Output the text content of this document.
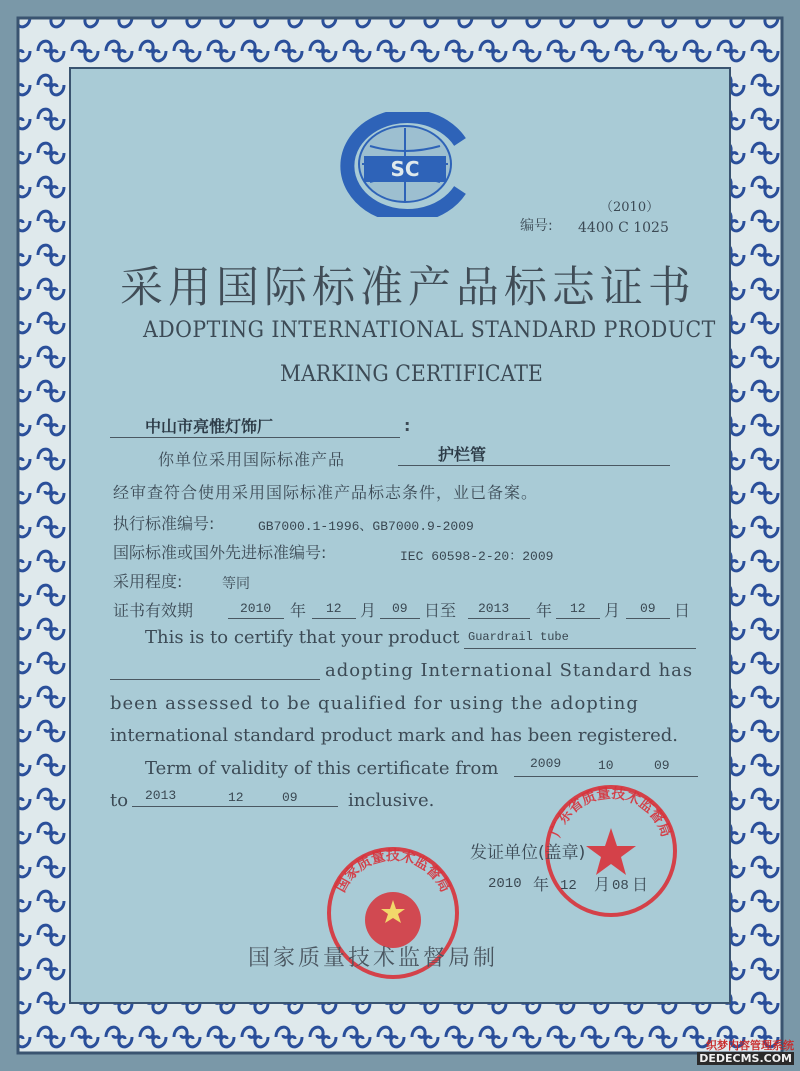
SC
（2010）
编号: 4400 C 1025
采用国际标准产品标志证书
ADOPTING INTERNATIONAL STANDARD PRODUCT
MARKING CERTIFICATE
中山市亮惟灯饰厂	:
你单位采用国际标准产品	护栏管
经审查符合使用采用国际标准产品标志条件，业已备案。
执行标准编号:	GB7000.1-1996、GB7000.9-2009
国际标准或国外先进标准编号:	IEC 60598-2-20：2009
采用程度:	等同
证书有效期	2010 年 12 月 09 日至 2013 年 12 月 09 日
This is to certify that your product Guardrail tube
adopting International Standard has
been assessed to be qualified for using the adopting
international standard product mark and has been registered.
Term of validity of this certificate from 2009	10	09
to 2013	12	09	inclusive.
广东省质量技术监督局
国家质量技术监督局
发证单位(盖章)
2010 年 12 月 08 日
国家质量技术监督局制
织梦内容管理系统
DEDECMS.COM
